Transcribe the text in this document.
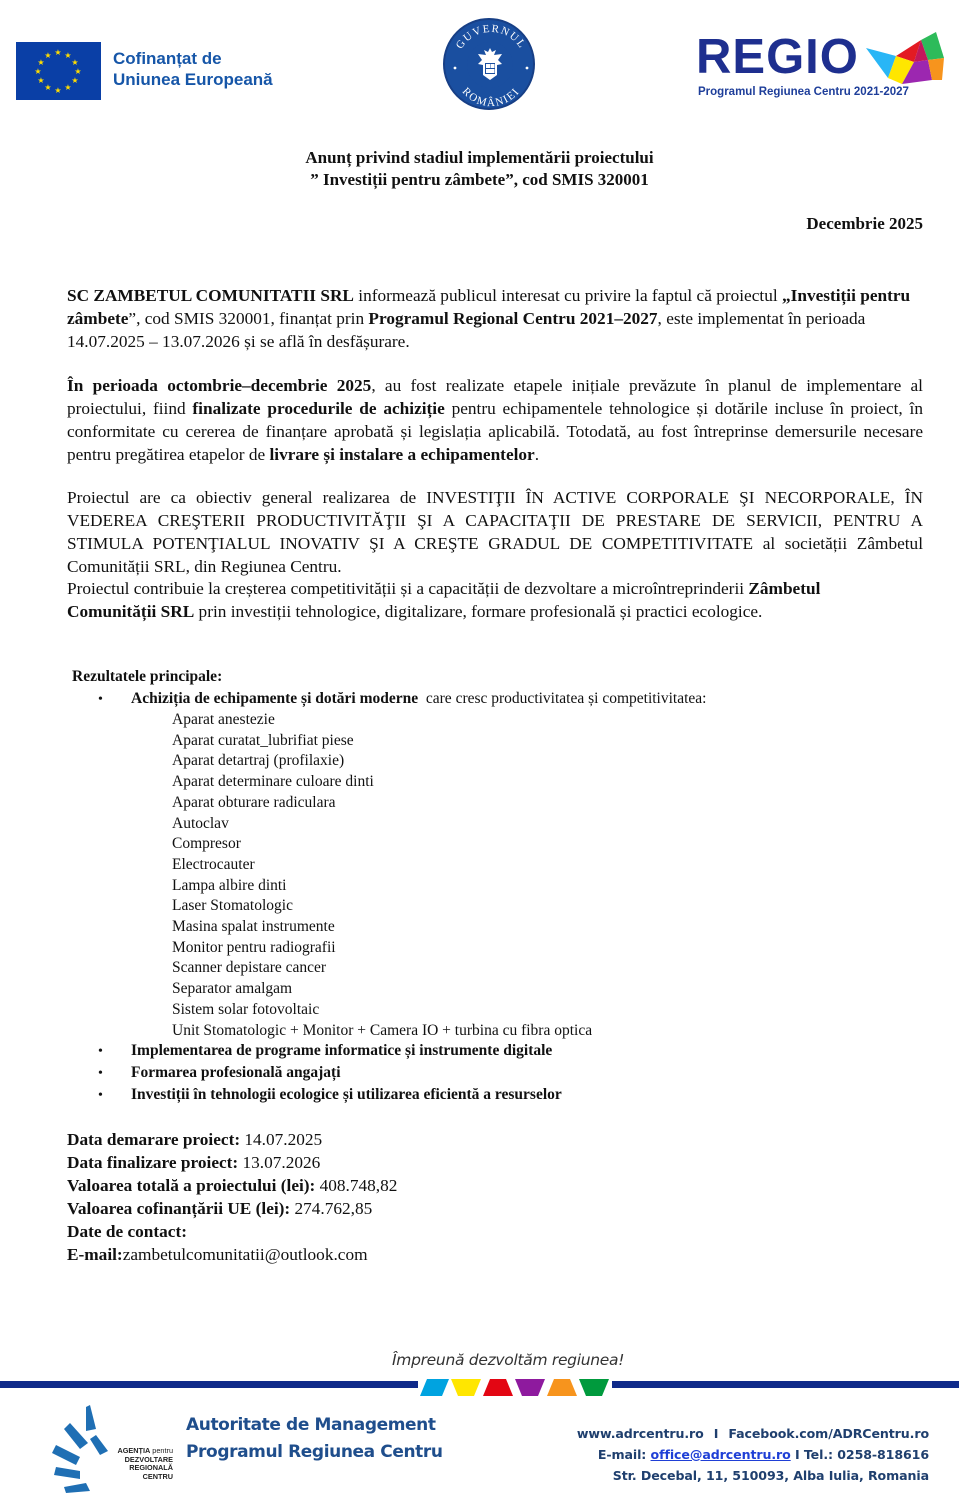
★ ★
★
★
★
★
★
★
★
★
★
★	Cofinanțat de
Uniunea Europeană
GUVERNUL
ROMÂNIEI
REGIO
Programul Regiunea Centru 2021-2027
Anunț privind stadiul implementării proiectului
” Investiții pentru zâmbete”, cod SMIS 320001
Decembrie 2025
SC ZAMBETUL COMUNITATII SRL informează publicul interesat cu privire la faptul că proiectul „Investiții pentru zâmbete”, cod SMIS 320001, finanțat prin Programul Regional Centru 2021–2027, este implementat în perioada 14.07.2025 – 13.07.2026 și se află în desfășurare.
În perioada octombrie–decembrie 2025, au fost realizate etapele inițiale prevăzute în planul de implementare al proiectului, fiind finalizate procedurile de achiziție pentru echipamentele tehnologice și dotările incluse în proiect, în conformitate cu cererea de finanțare aprobată și legislația aplicabilă. Totodată, au fost întreprinse demersurile necesare pentru pregătirea etapelor de livrare și instalare a echipamentelor.
Proiectul are ca obiectiv general realizarea de INVESTIŢII ÎN ACTIVE CORPORALE ŞI NECORPORALE, ÎN VEDEREA CREŞTERII PRODUCTIVITĂŢII ŞI A CAPACITAŢII DE PRESTARE DE SERVICII, PENTRU A STIMULA POTENŢIALUL INOVATIV ŞI A CREŞTE GRADUL DE COMPETITIVITATE al societății Zâmbetul Comunității SRL, din Regiunea Centru.
Proiectul contribuie la creșterea competitivității și a capacității de dezvoltare a microîntreprinderii Zâmbetul Comunității SRL prin investiții tehnologice, digitalizare, formare profesională și practici ecologice.
Rezultatele principale:
• Achiziția de echipamente și dotări moderne  care cresc productivitatea și competitivitatea:
Aparat anestezie
Aparat curatat_lubrifiat piese
Aparat detartraj (profilaxie)
Aparat determinare culoare dinti
Aparat obturare radiculara
Autoclav
Compresor
Electrocauter
Lampa albire dinti
Laser Stomatologic
Masina spalat instrumente
Monitor pentru radiografii
Scanner depistare cancer
Separator amalgam
Sistem solar fotovoltaic
Unit Stomatologic + Monitor + Camera IO + turbina cu fibra optica
• Implementarea de programe informatice și instrumente digitale
• Formarea profesională angajați
• Investiții în tehnologii ecologice și utilizarea eficientă a resurselor
Data demarare proiect: 14.07.2025
Data finalizare proiect: 13.07.2026
Valoarea totală a proiectului (lei): 408.748,82
Valoarea cofinanțării UE (lei): 274.762,85
Date de contact:
E-mail:zambetulcomunitatii@outlook.com
Împreună dezvoltăm regiunea!
AGENȚIA pentru
DEZVOLTARE
REGIONALĂ
CENTRU
Autoritate de Management
Programul Regiunea Centru
www.adrcentru.ro I Facebook.com/ADRCentru.ro
E-mail: office@adrcentru.ro I Tel.: 0258-818616
Str. Decebal, 11, 510093, Alba Iulia, Romania
